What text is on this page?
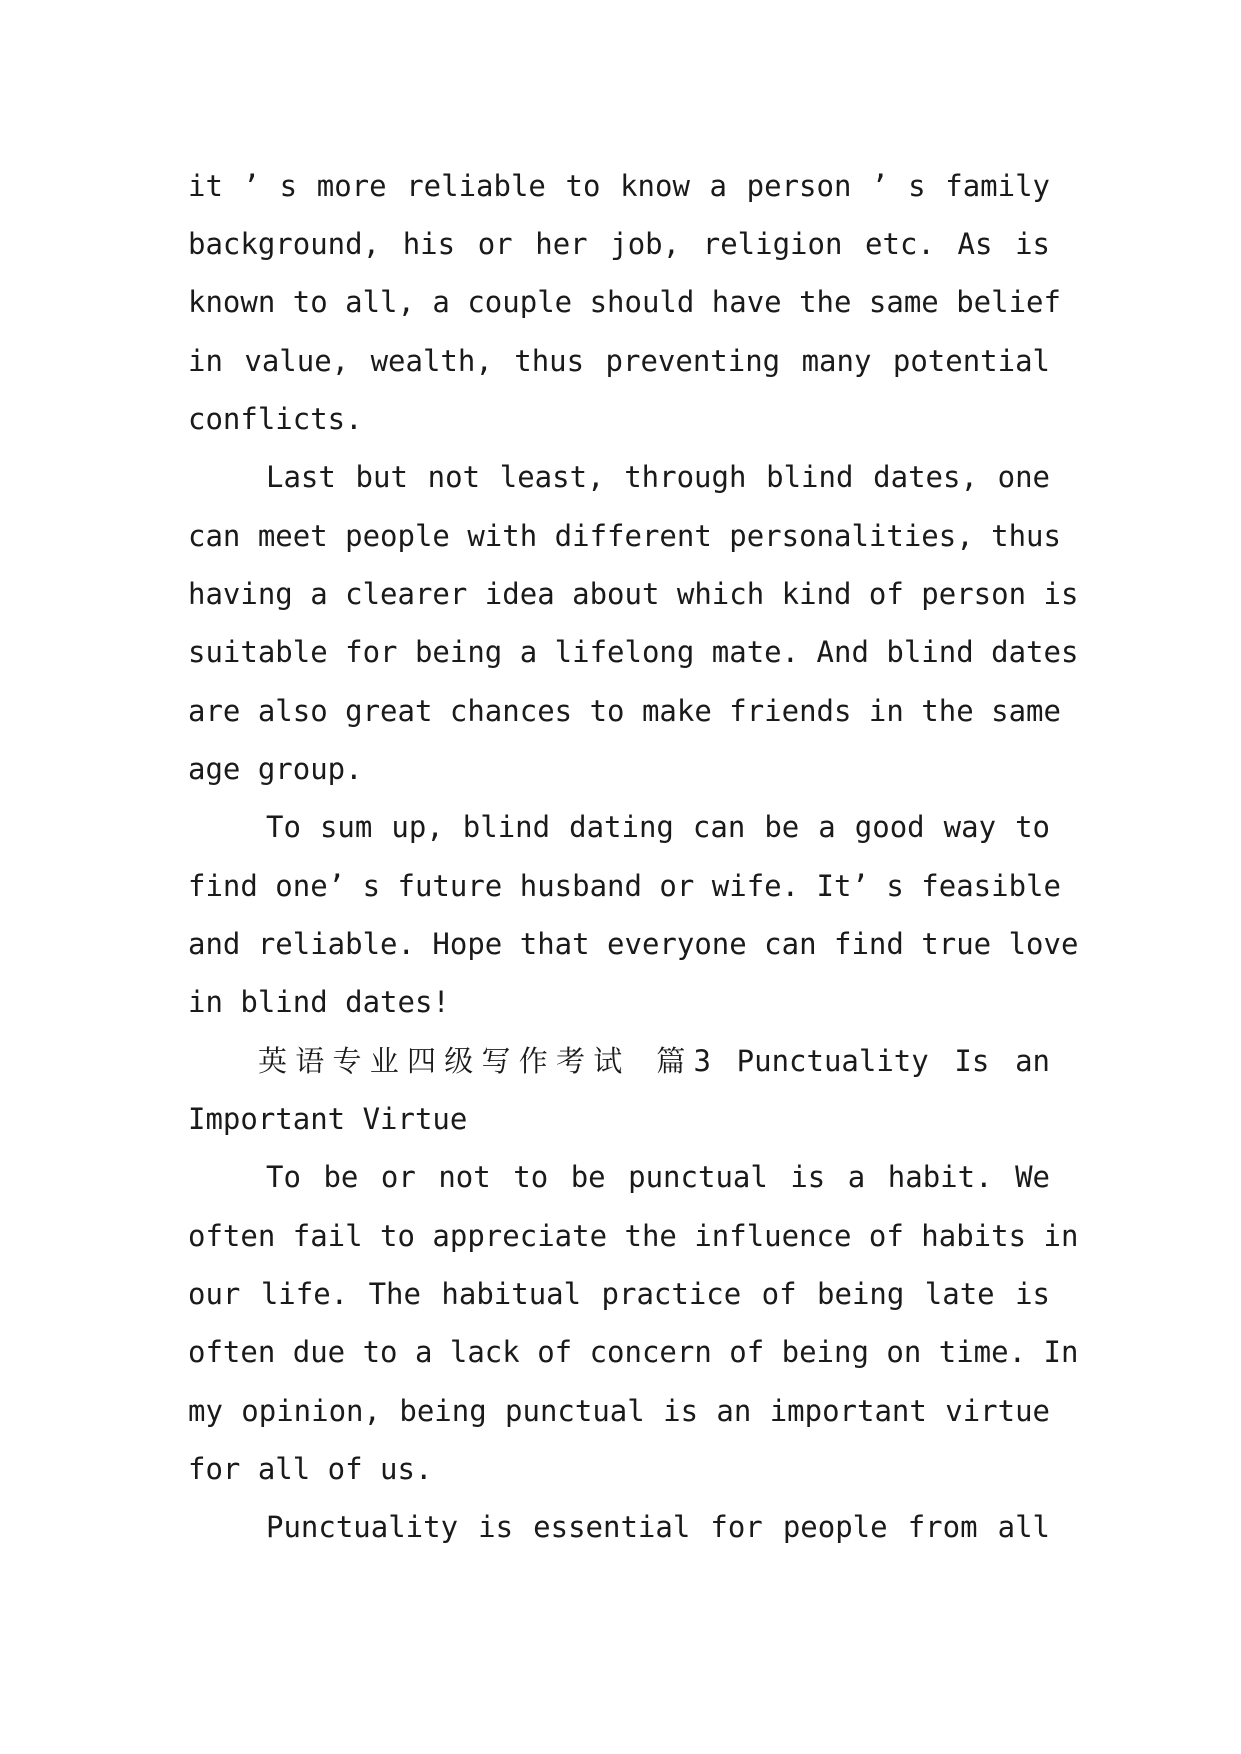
it ’ s more reliable to know a person ’ s family
background, his or her job, religion etc. As is
known to all, a couple should have the same belief
in value, wealth, thus preventing many potential
conflicts.
Last but not least, through blind dates, one
can meet people with different personalities, thus
having a clearer idea about which kind of person is
suitable for being a lifelong mate. And blind dates
are also great chances to make friends in the same
age group.
To sum up, blind dating can be a good way to
find one’ s future husband or wife. It’ s feasible
and reliable. Hope that everyone can find true love
in blind dates!
英语专业四级写作考试 篇3 Punctuality Is an
Important Virtue
To be or not to be punctual is a habit. We
often fail to appreciate the influence of habits in
our life. The habitual practice of being late is
often due to a lack of concern of being on time. In
my opinion, being punctual is an important virtue
for all of us.
Punctuality is essential for people from all
